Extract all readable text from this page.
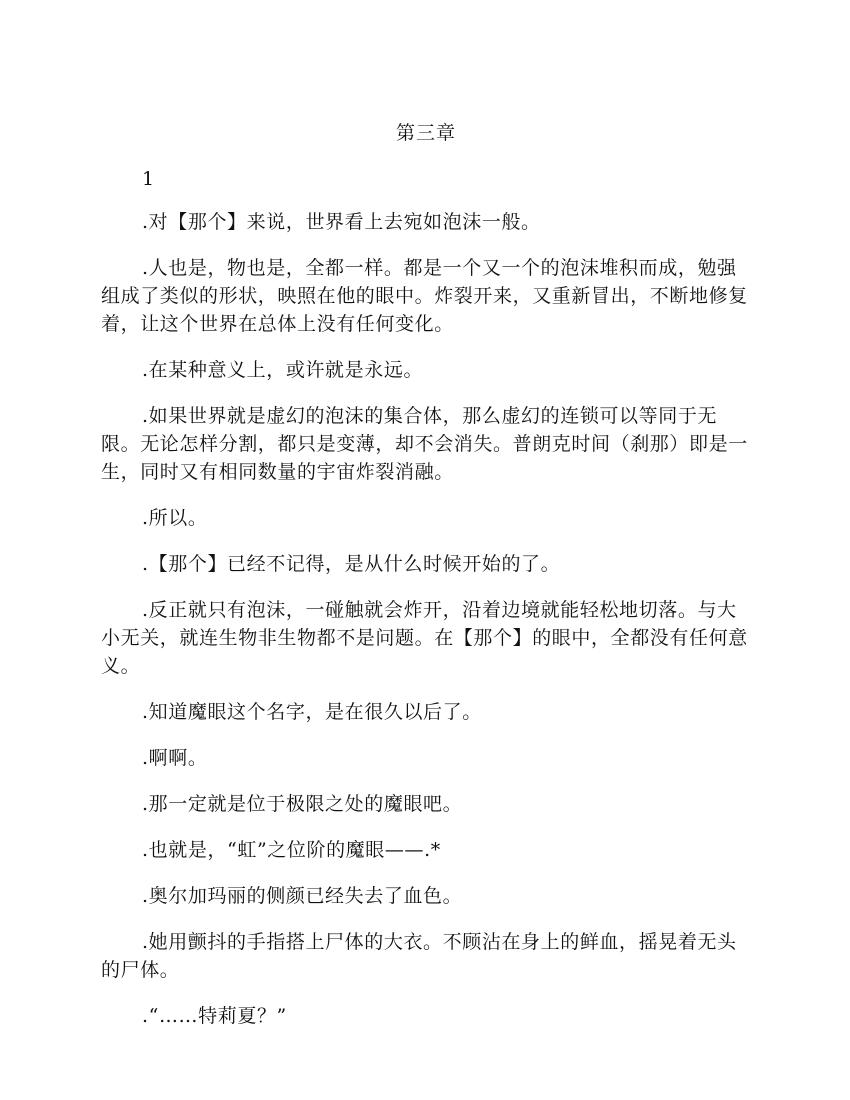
第三章
1

.对【那个】来说，世界看上去宛如泡沫一般。

.人也是，物也是，全都一样。都是一个又一个的泡沫堆积而成，勉强组成了类似的形状，映照在他的眼中。炸裂开来，又重新冒出，不断地修复着，让这个世界在总体上没有任何变化。

.在某种意义上，或许就是永远。

.如果世界就是虚幻的泡沫的集合体，那么虚幻的连锁可以等同于无限。无论怎样分割，都只是变薄，却不会消失。普朗克时间（刹那）即是一生，同时又有相同数量的宇宙炸裂消融。

.所以。

.【那个】已经不记得，是从什么时候开始的了。

.反正就只有泡沫，一碰触就会炸开，沿着边境就能轻松地切落。与大小无关，就连生物非生物都不是问题。在【那个】的眼中，全都没有任何意义。

.知道魔眼这个名字，是在很久以后了。

.啊啊。

.那一定就是位于极限之处的魔眼吧。

.也就是，“虹”之位阶的魔眼——.*

.奥尔加玛丽的侧颜已经失去了血色。

.她用颤抖的手指搭上尸体的大衣。不顾沾在身上的鲜血，摇晃着无头的尸体。

.“……特莉夏？”
